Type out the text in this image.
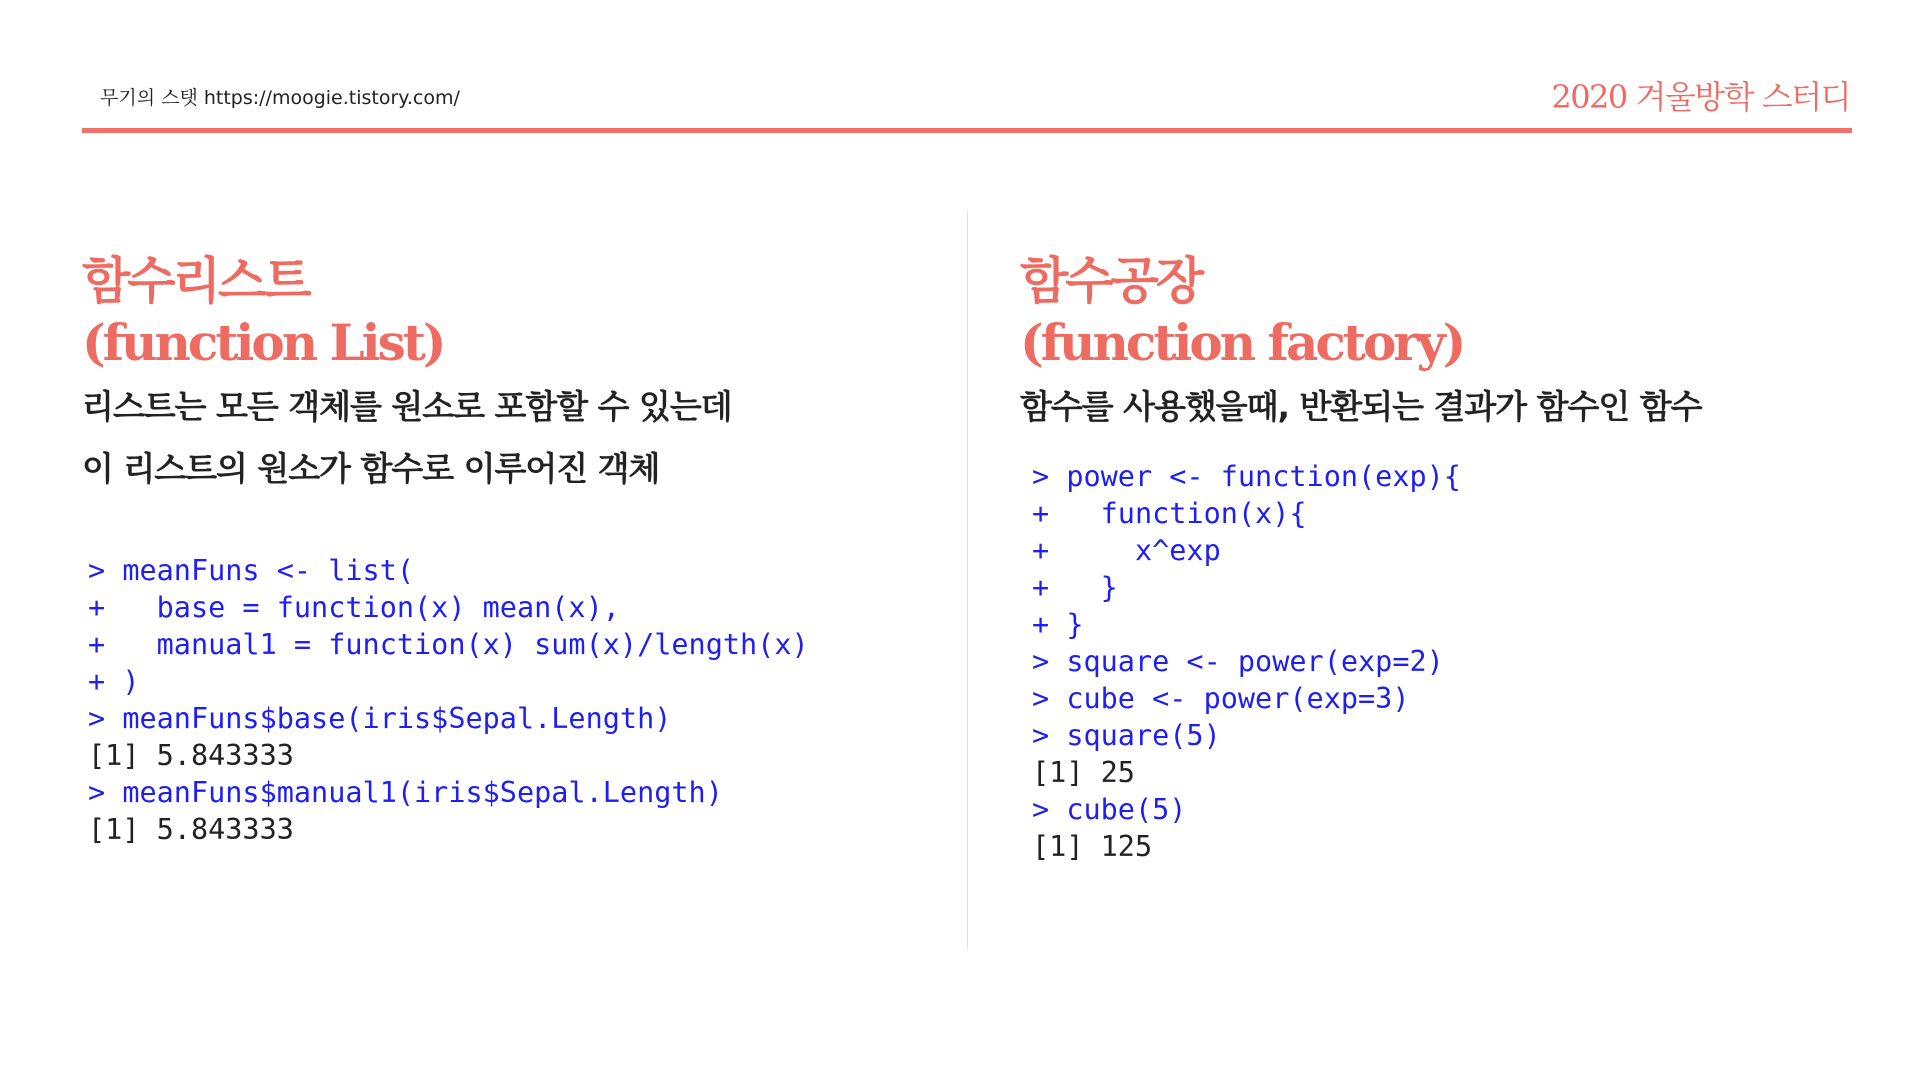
무기의 스탯 https://moogie.tistory.com/	2020 겨울방학 스터디
함수리스트
(function List)
리스트는 모든 객체를 원소로 포함할 수 있는데
이 리스트의 원소가 함수로 이루어진 객체
> meanFuns <- list(
+   base = function(x) mean(x),
+   manual1 = function(x) sum(x)/length(x)
+ )
> meanFuns$base(iris$Sepal.Length)
[1] 5.843333
> meanFuns$manual1(iris$Sepal.Length)
[1] 5.843333
함수공장
(function factory)
함수를 사용했을때, 반환되는 결과가 함수인 함수
> power <- function(exp){
+   function(x){
+     x^exp
+   }
+ }
> square <- power(exp=2)
> cube <- power(exp=3)
> square(5)
[1] 25
> cube(5)
[1] 125
